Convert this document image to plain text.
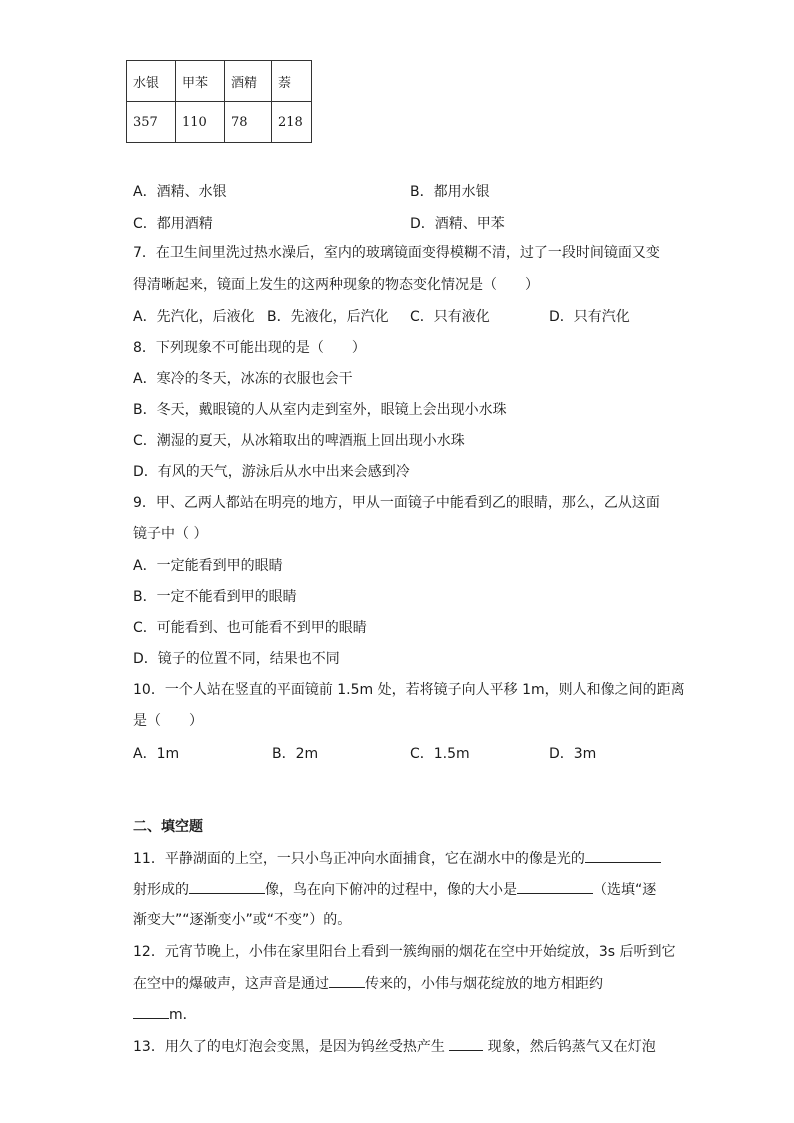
水银	甲苯	酒精	萘
357	110	78	218
A．酒精、水银	B．都用水银
C．都用酒精	D．酒精、甲苯
7．在卫生间里洗过热水澡后，室内的玻璃镜面变得模糊不清，过了一段时间镜面又变
得清晰起来，镜面上发生的这两种现象的物态变化情况是（　　）
A．先汽化，后液化 B．先液化，后汽化 C．只有液化	D．只有汽化
8．下列现象不可能出现的是（　　）
A．寒冷的冬天，冰冻的衣服也会干
B．冬天，戴眼镜的人从室内走到室外，眼镜上会出现小水珠
C．潮湿的夏天，从冰箱取出的啤酒瓶上回出现小水珠
D．有风的天气，游泳后从水中出来会感到冷
9．甲、乙两人都站在明亮的地方，甲从一面镜子中能看到乙的眼睛，那么，乙从这面
镜子中（ ）
A．一定能看到甲的眼睛
B．一定不能看到甲的眼睛
C．可能看到、也可能看不到甲的眼睛
D．镜子的位置不同，结果也不同
10．一个人站在竖直的平面镜前 1.5m 处，若将镜子向人平移 1m，则人和像之间的距离
是（　　）
A．1m	B．2m	C．1.5m	D．3m
二、填空题
11．平静湖面的上空，一只小鸟正冲向水面捕食，它在湖水中的像是光的
射形成的	像，鸟在向下俯冲的过程中，像的大小是	（选填“逐
渐变大”“逐渐变小”或“不变”）的。
12．元宵节晚上，小伟在家里阳台上看到一簇绚丽的烟花在空中开始绽放，3s 后听到它
在空中的爆破声，这声音是通过	传来的，小伟与烟花绽放的地方相距约
m．
13．用久了的电灯泡会变黑，是因为钨丝受热产生	现象，然后钨蒸气又在灯泡
